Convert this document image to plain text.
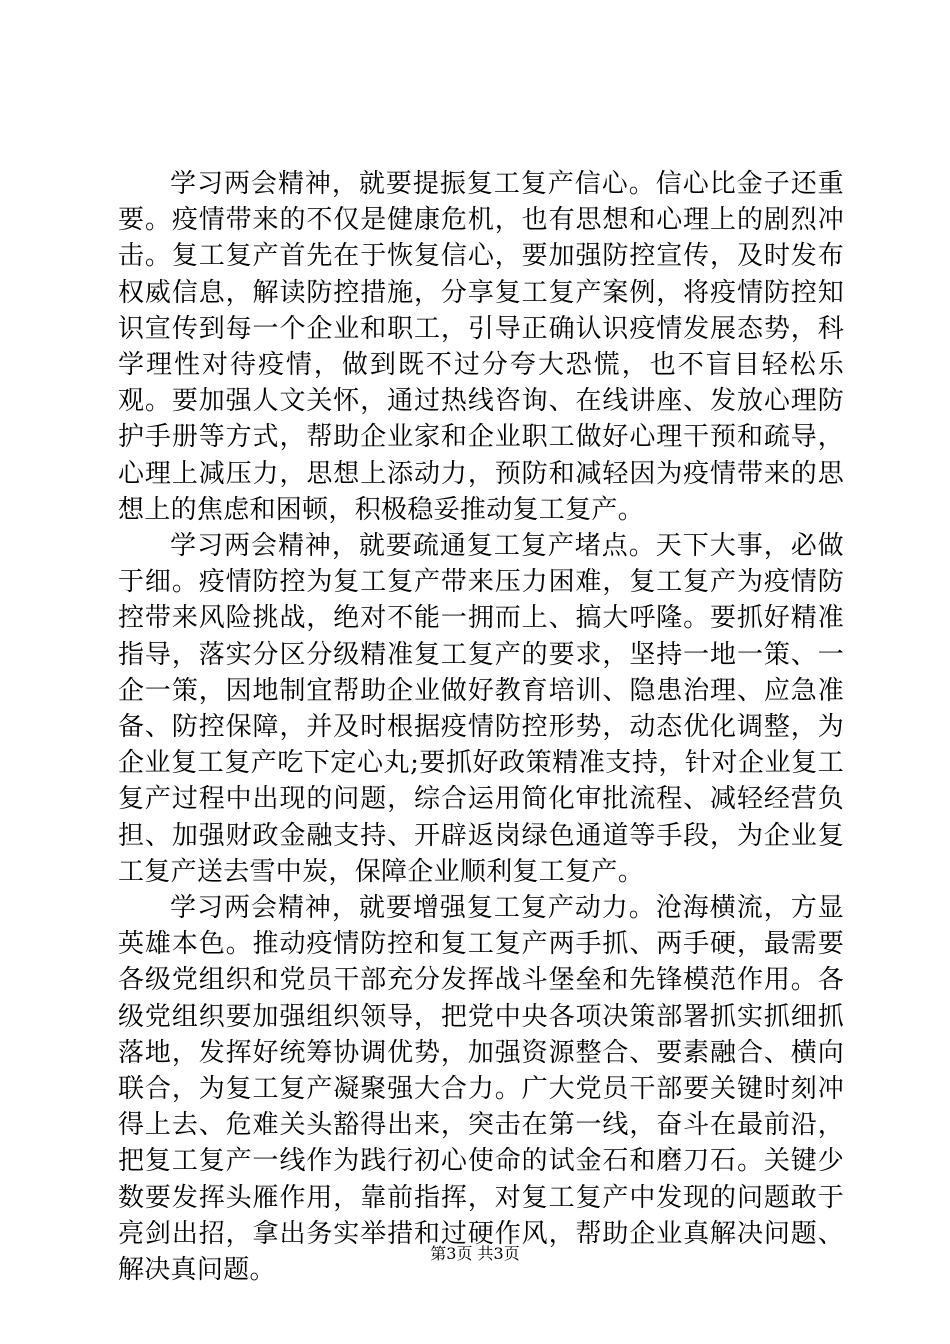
学习两会精神，就要提振复工复产信心。信心比金子还重要。疫情带来的不仅是健康危机，也有思想和心理上的剧烈冲击。复工复产首先在于恢复信心，要加强防控宣传，及时发布权威信息，解读防控措施，分享复工复产案例，将疫情防控知识宣传到每一个企业和职工，引导正确认识疫情发展态势，科学理性对待疫情，做到既不过分夸大恐慌，也不盲目轻松乐观。要加强人文关怀，通过热线咨询、在线讲座、发放心理防护手册等方式，帮助企业家和企业职工做好心理干预和疏导，心理上减压力，思想上添动力，预防和减轻因为疫情带来的思想上的焦虑和困顿，积极稳妥推动复工复产。

学习两会精神，就要疏通复工复产堵点。天下大事，必做于细。疫情防控为复工复产带来压力困难，复工复产为疫情防控带来风险挑战，绝对不能一拥而上、搞大呼隆。要抓好精准指导，落实分区分级精准复工复产的要求，坚持一地一策、一企一策，因地制宜帮助企业做好教育培训、隐患治理、应急准备、防控保障，并及时根据疫情防控形势，动态优化调整，为企业复工复产吃下定心丸;要抓好政策精准支持，针对企业复工复产过程中出现的问题，综合运用简化审批流程、减轻经营负担、加强财政金融支持、开辟返岗绿色通道等手段，为企业复工复产送去雪中炭，保障企业顺利复工复产。

学习两会精神，就要增强复工复产动力。沧海横流，方显英雄本色。推动疫情防控和复工复产两手抓、两手硬，最需要各级党组织和党员干部充分发挥战斗堡垒和先锋模范作用。各级党组织要加强组织领导，把党中央各项决策部署抓实抓细抓落地，发挥好统筹协调优势，加强资源整合、要素融合、横向联合，为复工复产凝聚强大合力。广大党员干部要关键时刻冲得上去、危难关头豁得出来，突击在第一线，奋斗在最前沿，把复工复产一线作为践行初心使命的试金石和磨刀石。关键少数要发挥头雁作用，靠前指挥，对复工复产中发现的问题敢于亮剑出招，拿出务实举措和过硬作风，帮助企业真解决问题、解决真问题。

第3页 共3页
